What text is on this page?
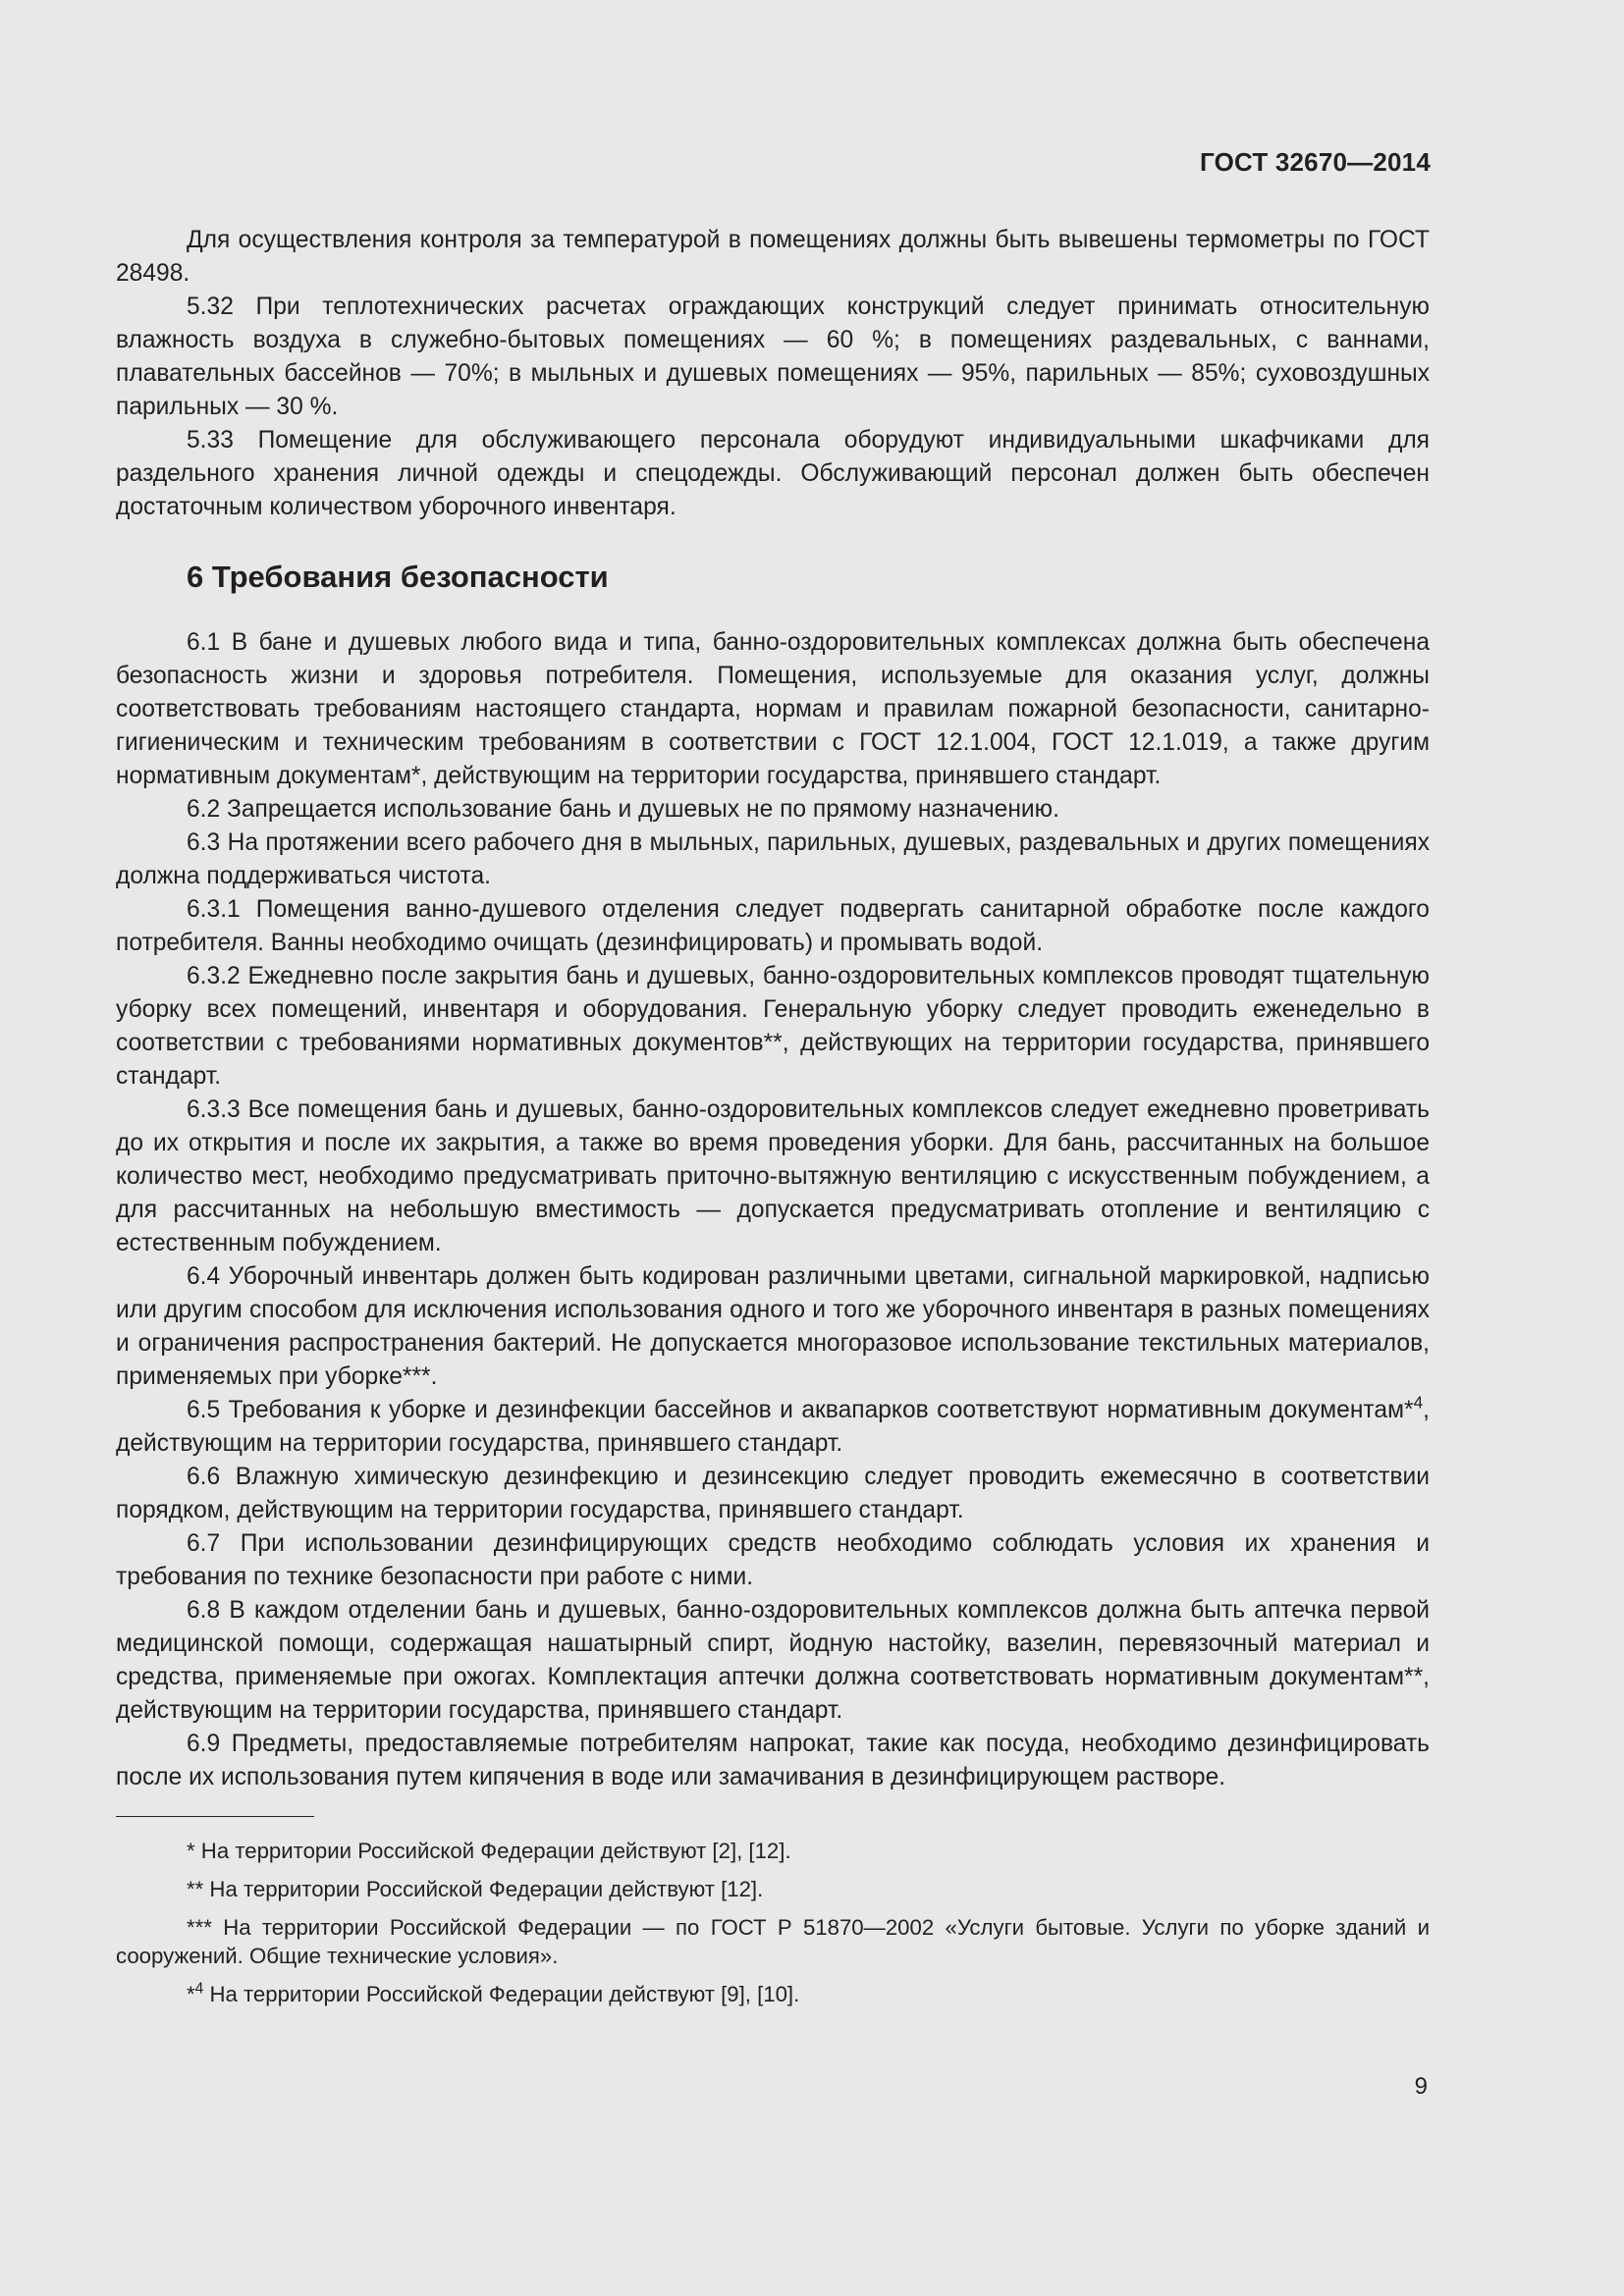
ГОСТ 32670—2014

Для осуществления контроля за температурой в помещениях должны быть вывешены термометры по ГОСТ 28498.

5.32 При теплотехнических расчетах ограждающих конструкций следует принимать относительную влажность воздуха в служебно-бытовых помещениях — 60 %; в помещениях раздевальных, с ваннами, плавательных бассейнов — 70%; в мыльных и душевых помещениях — 95%, парильных — 85%; суховоздушных парильных — 30 %.

5.33 Помещение для обслуживающего персонала оборудуют индивидуальными шкафчиками для раздельного хранения личной одежды и спецодежды. Обслуживающий персонал должен быть обеспечен достаточным количеством уборочного инвентаря.

6 Требования безопасности

6.1 В бане и душевых любого вида и типа, банно-оздоровительных комплексах должна быть обеспечена безопасность жизни и здоровья потребителя. Помещения, используемые для оказания услуг, должны соответствовать требованиям настоящего стандарта, нормам и правилам пожарной безопасности, санитарно-гигиеническим и техническим требованиям в соответствии с ГОСТ 12.1.004, ГОСТ 12.1.019, а также другим нормативным документам*, действующим на территории государства, принявшего стандарт.

6.2 Запрещается использование бань и душевых не по прямому назначению.

6.3 На протяжении всего рабочего дня в мыльных, парильных, душевых, раздевальных и других помещениях должна поддерживаться чистота.

6.3.1 Помещения ванно-душевого отделения следует подвергать санитарной обработке после каждого потребителя. Ванны необходимо очищать (дезинфицировать) и промывать водой.

6.3.2 Ежедневно после закрытия бань и душевых, банно-оздоровительных комплексов проводят тщательную уборку всех помещений, инвентаря и оборудования. Генеральную уборку следует проводить еженедельно в соответствии с требованиями нормативных документов**, действующих на территории государства, принявшего стандарт.

6.3.3 Все помещения бань и душевых, банно-оздоровительных комплексов следует ежедневно проветривать до их открытия и после их закрытия, а также во время проведения уборки. Для бань, рассчитанных на большое количество мест, необходимо предусматривать приточно-вытяжную вентиляцию с искусственным побуждением, а для рассчитанных на небольшую вместимость — допускается предусматривать отопление и вентиляцию с естественным побуждением.

6.4 Уборочный инвентарь должен быть кодирован различными цветами, сигнальной маркировкой, надписью или другим способом для исключения использования одного и того же уборочного инвентаря в разных помещениях и ограничения распространения бактерий. Не допускается многоразовое использование текстильных материалов, применяемых при уборке***.

6.5 Требования к уборке и дезинфекции бассейнов и аквапарков соответствуют нормативным документам*$^4$, действующим на территории государства, принявшего стандарт.

6.6 Влажную химическую дезинфекцию и дезинсекцию следует проводить ежемесячно в соответствии порядком, действующим на территории государства, принявшего стандарт.

6.7 При использовании дезинфицирующих средств необходимо соблюдать условия их хранения и требования по технике безопасности при работе с ними.

6.8 В каждом отделении бань и душевых, банно-оздоровительных комплексов должна быть аптечка первой медицинской помощи, содержащая нашатырный спирт, йодную настойку, вазелин, перевязочный материал и средства, применяемые при ожогах. Комплектация аптечки должна соответствовать нормативным документам**, действующим на территории государства, принявшего стандарт.

6.9 Предметы, предоставляемые потребителям напрокат, такие как посуда, необходимо дезинфицировать после их использования путем кипячения в воде или замачивания в дезинфицирующем растворе.

* На территории Российской Федерации действуют [2], [12].

** На территории Российской Федерации действуют [12].

*** На территории Российской Федерации — по ГОСТ Р 51870—2002 «Услуги бытовые. Услуги по уборке зданий и сооружений. Общие технические условия».

*$^4$ На территории Российской Федерации действуют [9], [10].

9
